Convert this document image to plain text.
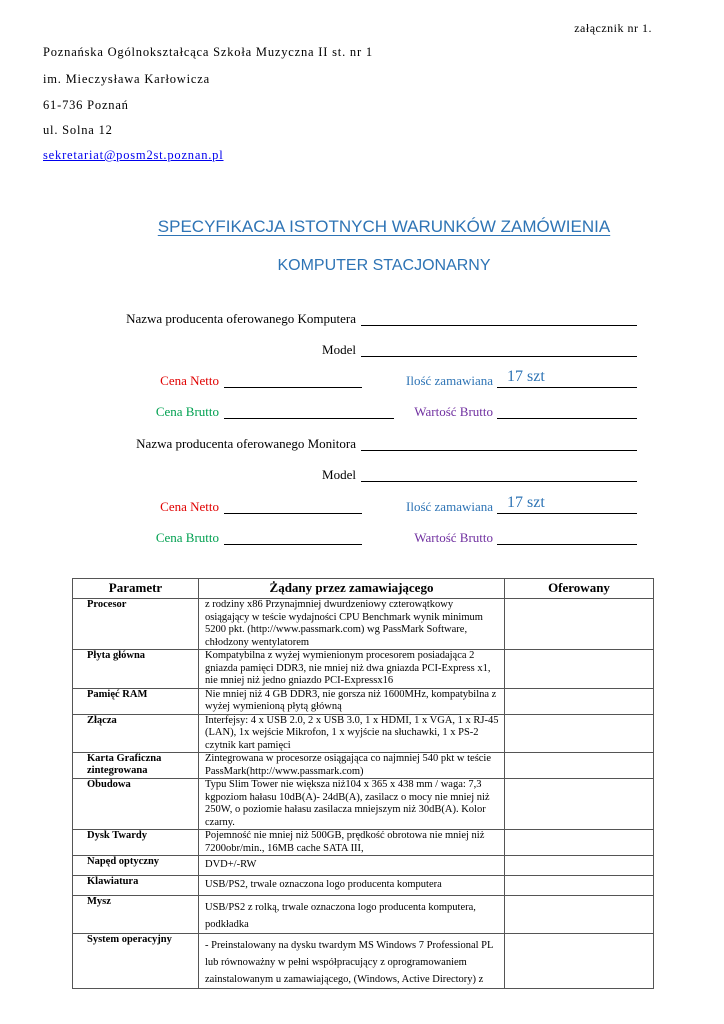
załącznik nr 1.
Poznańska Ogólnokształcąca Szkoła Muzyczna II st. nr 1
im. Mieczysława Karłowicza
61-736 Poznań
ul. Solna 12
sekretariat@posm2st.poznan.pl
SPECYFIKACJA ISTOTNYCH WARUNKÓW ZAMÓWIENIA
KOMPUTER STACJONARNY
Nazwa producenta oferowanego Komputera
Model
Cena Netto	Ilość zamawiana 17 szt
Cena Brutto	Wartość Brutto
Nazwa producenta oferowanego Monitora
Model
Cena Netto	Ilość zamawiana 17 szt
Cena Brutto	Wartość Brutto
Parametr	Żądany przez zamawiającego	Oferowany
Procesor	z rodziny x86 Przynajmniej dwurdzeniowy czterowątkowy osiągający w teście wydajności CPU Benchmark wynik minimum 5200 pkt. (http://www.passmark.com) wg PassMark Software, chłodzony wentylatorem	
Płyta główna	Kompatybilna z wyżej wymienionym procesorem posiadająca 2 gniazda pamięci DDR3, nie mniej niż dwa gniazda PCI-Express x1, nie mniej niż jedno gniazdo PCI-Expressx16	
Pamięć RAM	Nie mniej niż 4 GB DDR3, nie gorsza niż 1600MHz, kompatybilna z wyżej wymienioną płytą główną	
Złącza	Interfejsy: 4 x USB 2.0, 2 x USB 3.0, 1 x HDMI, 1 x VGA, 1 x RJ-45 (LAN), 1x wejście Mikrofon, 1 x wyjście na słuchawki, 1 x PS-2 czytnik kart pamięci	
Karta Graficzna zintegrowana	Zintegrowana w procesorze osiągająca co najmniej 540 pkt w teście PassMark(http://www.passmark.com)	
Obudowa	Typu Slim Tower nie większa niż104 x 365 x 438 mm / waga: 7,3 kgpoziom hałasu 10dB(A)- 24dB(A), zasilacz o mocy nie mniej niż 250W, o poziomie hałasu zasilacza mniejszym niż 30dB(A). Kolor czarny.	
Dysk Twardy	Pojemność nie mniej niż 500GB, prędkość obrotowa nie mniej niż 7200obr/min., 16MB cache SATA III,	
Napęd optyczny	DVD+/-RW	
Klawiatura	USB/PS2, trwale oznaczona logo producenta komputera	
Mysz	USB/PS2 z rolką, trwale oznaczona logo producenta komputera, podkładka	
System operacyjny	- Preinstalowany na dysku twardym MS Windows 7 Professional PL lub równoważny w pełni współpracujący z oprogramowaniem zainstalowanym u zamawiającego, (Windows, Active Directory) z	
